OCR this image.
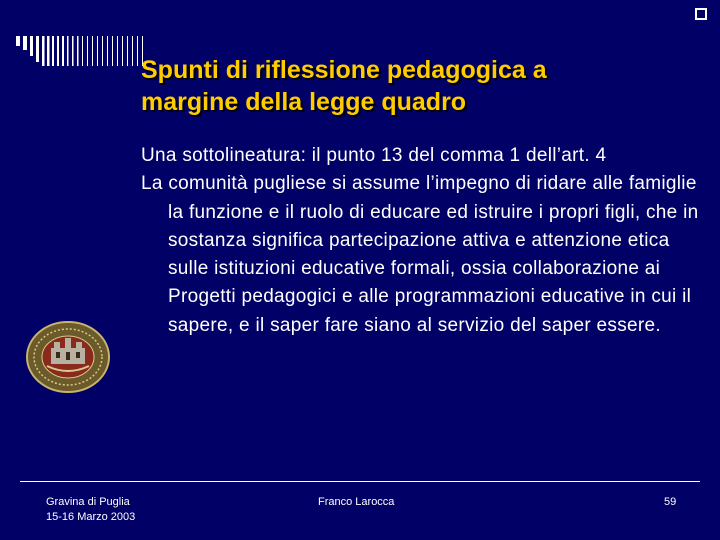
Spunti di riflessione pedagogica a
margine della legge quadro

Una sottolineatura: il punto 13 del comma 1 dell’art. 4

La comunità pugliese si assume l’impegno di ridare alle famiglie la funzione e il ruolo di educare ed istruire i propri figli, che in sostanza significa partecipazione attiva e attenzione etica sulle istituzioni educative formali, ossia collaborazione ai Progetti pedagogici e alle programmazioni educative in cui il sapere, e il saper fare siano al servizio del saper essere.

Gravina di Puglia
15-16 Marzo 2003
Franco Larocca	59
